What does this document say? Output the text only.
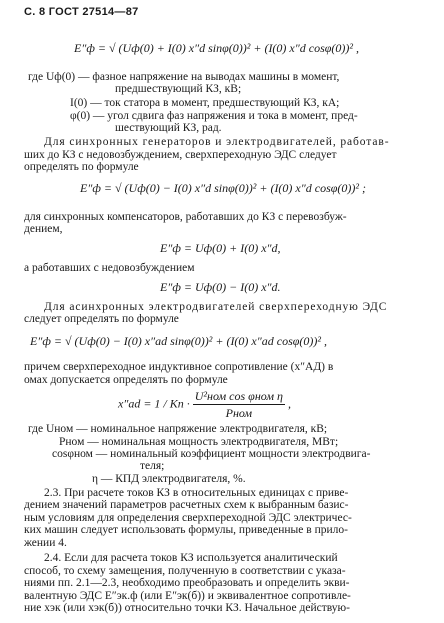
С. 8 ГОСТ 27514—87
E″ф = √ (Uф(0) + I(0) x″d sinφ(0))² + (I(0) x″d cosφ(0))² ,
где Uф(0) — фазное напряжение на выводах машины в момент,
предшествующий КЗ, кВ;
I(0) — ток статора в момент, предшествующий КЗ, кА;
φ(0) — угол сдвига фаз напряжения и тока в момент, пред-
шествующий КЗ, рад.
Для синхронных генераторов и электродвигателей, работав-
ших до КЗ с недовозбуждением, сверхпереходную ЭДС следует
определять по формуле
E″ф = √ (Uф(0) − I(0) x″d sinφ(0))² + (I(0) x″d cosφ(0))² ;
для синхронных компенсаторов, работавших до КЗ с перевозбуж-
дением,
E″ф = Uф(0) + I(0) x″d,
а работавших с недовозбуждением
E″ф = Uф(0) − I(0) x″d.
Для асинхронных электродвигателей сверхпереходную ЭДС
следует определять по формуле
E″ф = √ (Uф(0) − I(0) x″ad sinφ(0))² + (I(0) x″ad cosφ(0))² ,
причем сверхпереходное индуктивное сопротивление (x″АД) в
омах допускается определять по формуле
x″ad = 1 / Kп · $\frac{\text{U²ном cos φном η}}{\text{Pном}}$ ,
где Uном — номинальное напряжение электродвигателя, кВ;
Pном — номинальная мощность электродвигателя, МВт;
cosφном — номинальный коэффициент мощности электродвига-
теля;
η — КПД электродвигателя, %.
2.3. При расчете токов КЗ в относительных единицах с приве-
дением значений параметров расчетных схем к выбранным базис-
ным условиям для определения сверхпереходной ЭДС электричес-
ких машин следует использовать формулы, приведенные в прило-
жении 4.
2.4. Если для расчета токов КЗ используется аналитический
способ, то схему замещения, полученную в соответствии с указа-
ниями пп. 2.1—2.3, необходимо преобразовать и определить экви-
валентную ЭДС E″эк.ф (или E″эк(б)) и эквивалентное сопротивле-
ние xэк (или xэк(б)) относительно точки КЗ. Начальное действую-
